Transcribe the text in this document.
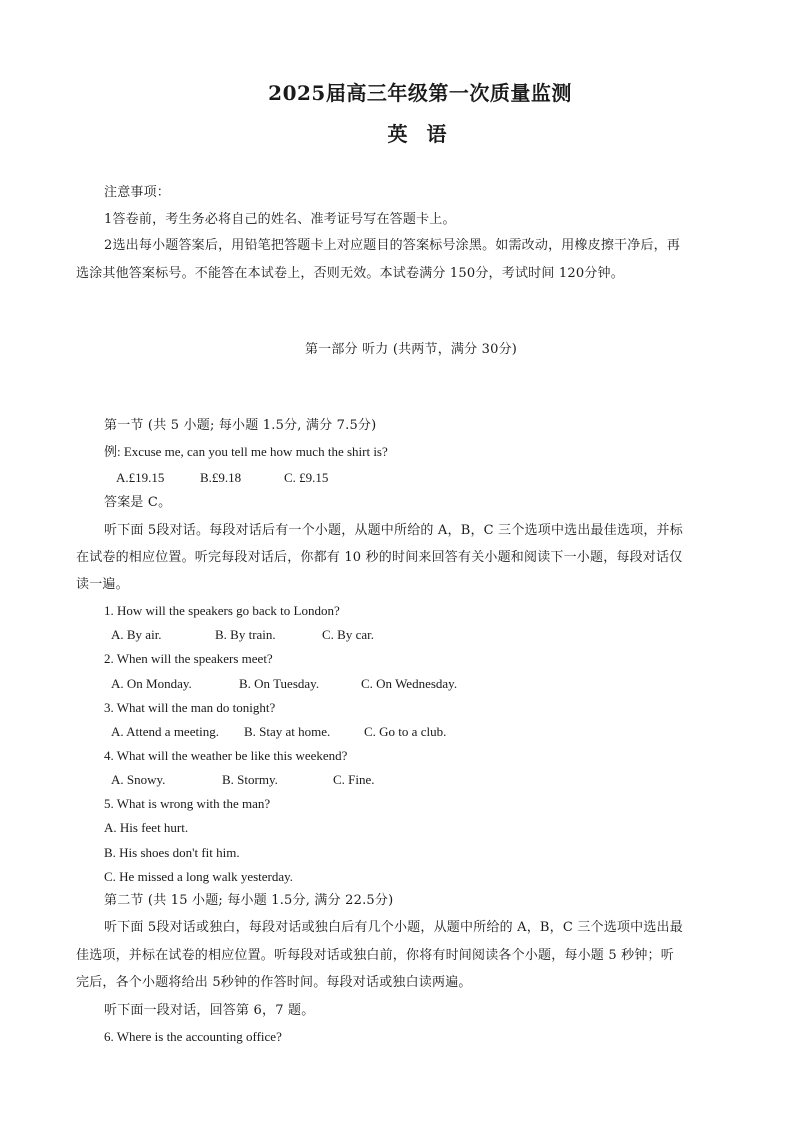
2025届高三年级第一次质量监测
英 语
注意事项：
1答卷前，考生务必将自己的姓名、准考证号写在答题卡上。
2选出每小题答案后，用铅笔把答题卡上对应题目的答案标号涂黑。如需改动，用橡皮擦干净后，再
选涂其他答案标号。不能答在本试卷上，否则无效。本试卷满分 150分，考试时间 120分钟。
第一部分 听力 (共两节，满分 30分)
第一节 (共 5 小题; 每小题 1.5分, 满分 7.5分)
例: Excuse me, can you tell me how much the shirt is?
A.£19.15	B.£9.18	C. £9.15
答案是 C。
听下面 5段对话。每段对话后有一个小题，从题中所给的 A，B，C 三个选项中选出最佳选项，并标
在试卷的相应位置。听完每段对话后，你都有 10 秒的时间来回答有关小题和阅读下一小题，每段对话仅
读一遍。
1. How will the speakers go back to London?
A. By air.	B. By train.	C. By car.
2. When will the speakers meet?
A. On Monday.	B. On Tuesday.	C. On Wednesday.
3. What will the man do tonight?
A. Attend a meeting. B. Stay at home.	C. Go to a club.
4. What will the weather be like this weekend?
A. Snowy.	B. Stormy.	C. Fine.
5. What is wrong with the man?
A. His feet hurt.
B. His shoes don't fit him.
C. He missed a long walk yesterday.
第二节 (共 15 小题; 每小题 1.5分, 满分 22.5分)
听下面 5段对话或独白，每段对话或独白后有几个小题，从题中所给的 A，B，C 三个选项中选出最
佳选项，并标在试卷的相应位置。听每段对话或独白前，你将有时间阅读各个小题，每小题 5 秒钟；听
完后，各个小题将给出 5秒钟的作答时间。每段对话或独白读两遍。
听下面一段对话，回答第 6，7 题。
6. Where is the accounting office?
